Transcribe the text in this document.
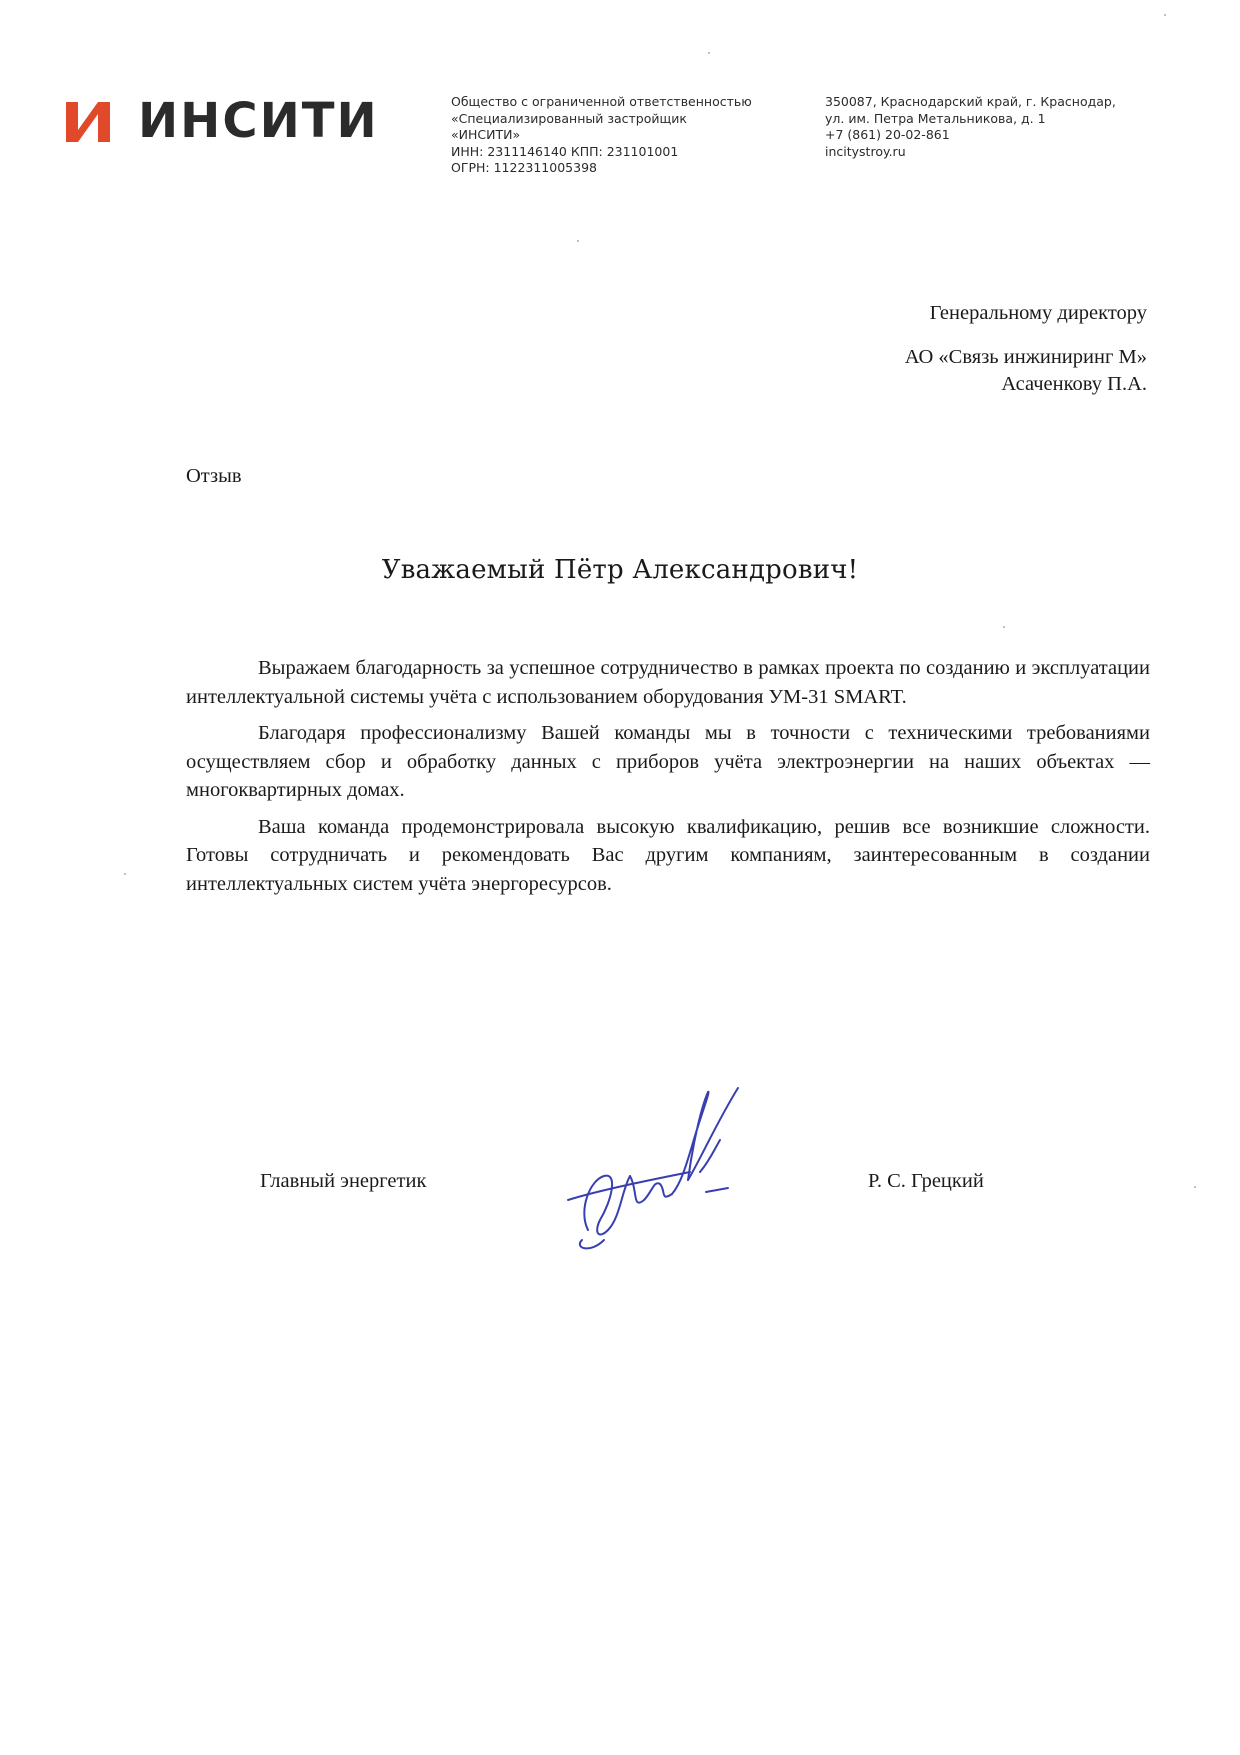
ИНСИТИ	Общество с ограниченной ответственностью
«Специализированный застройщик
«ИНСИТИ»
ИНН: 2311146140 КПП: 231101001
ОГРН: 1122311005398
350087, Краснодарский край, г. Краснодар,
ул. им. Петра Метальникова, д. 1
+7 (861) 20-02-861
incitystroy.ru
Генеральному директору
АО «Связь инжиниринг М»
Асаченкову П.А.
Отзыв
Уважаемый Пётр Александрович!

Выражаем благодарность за успешное сотрудничество в рамках проекта по созданию и эксплуатации интеллектуальной системы учёта с использованием оборудования УМ-31 SMART.

Благодаря профессионализму Вашей команды мы в точности с техническими требованиями осуществляем сбор и обработку данных с приборов учёта электроэнергии на наших объектах — многоквартирных домах.

Ваша команда продемонстрировала высокую квалификацию, решив все возникшие сложности. Готовы сотрудничать и рекомендовать Вас другим компаниям, заинтересованным в создании интеллектуальных систем учёта энергоресурсов.

Главный энергетик	Р. С. Грецкий
